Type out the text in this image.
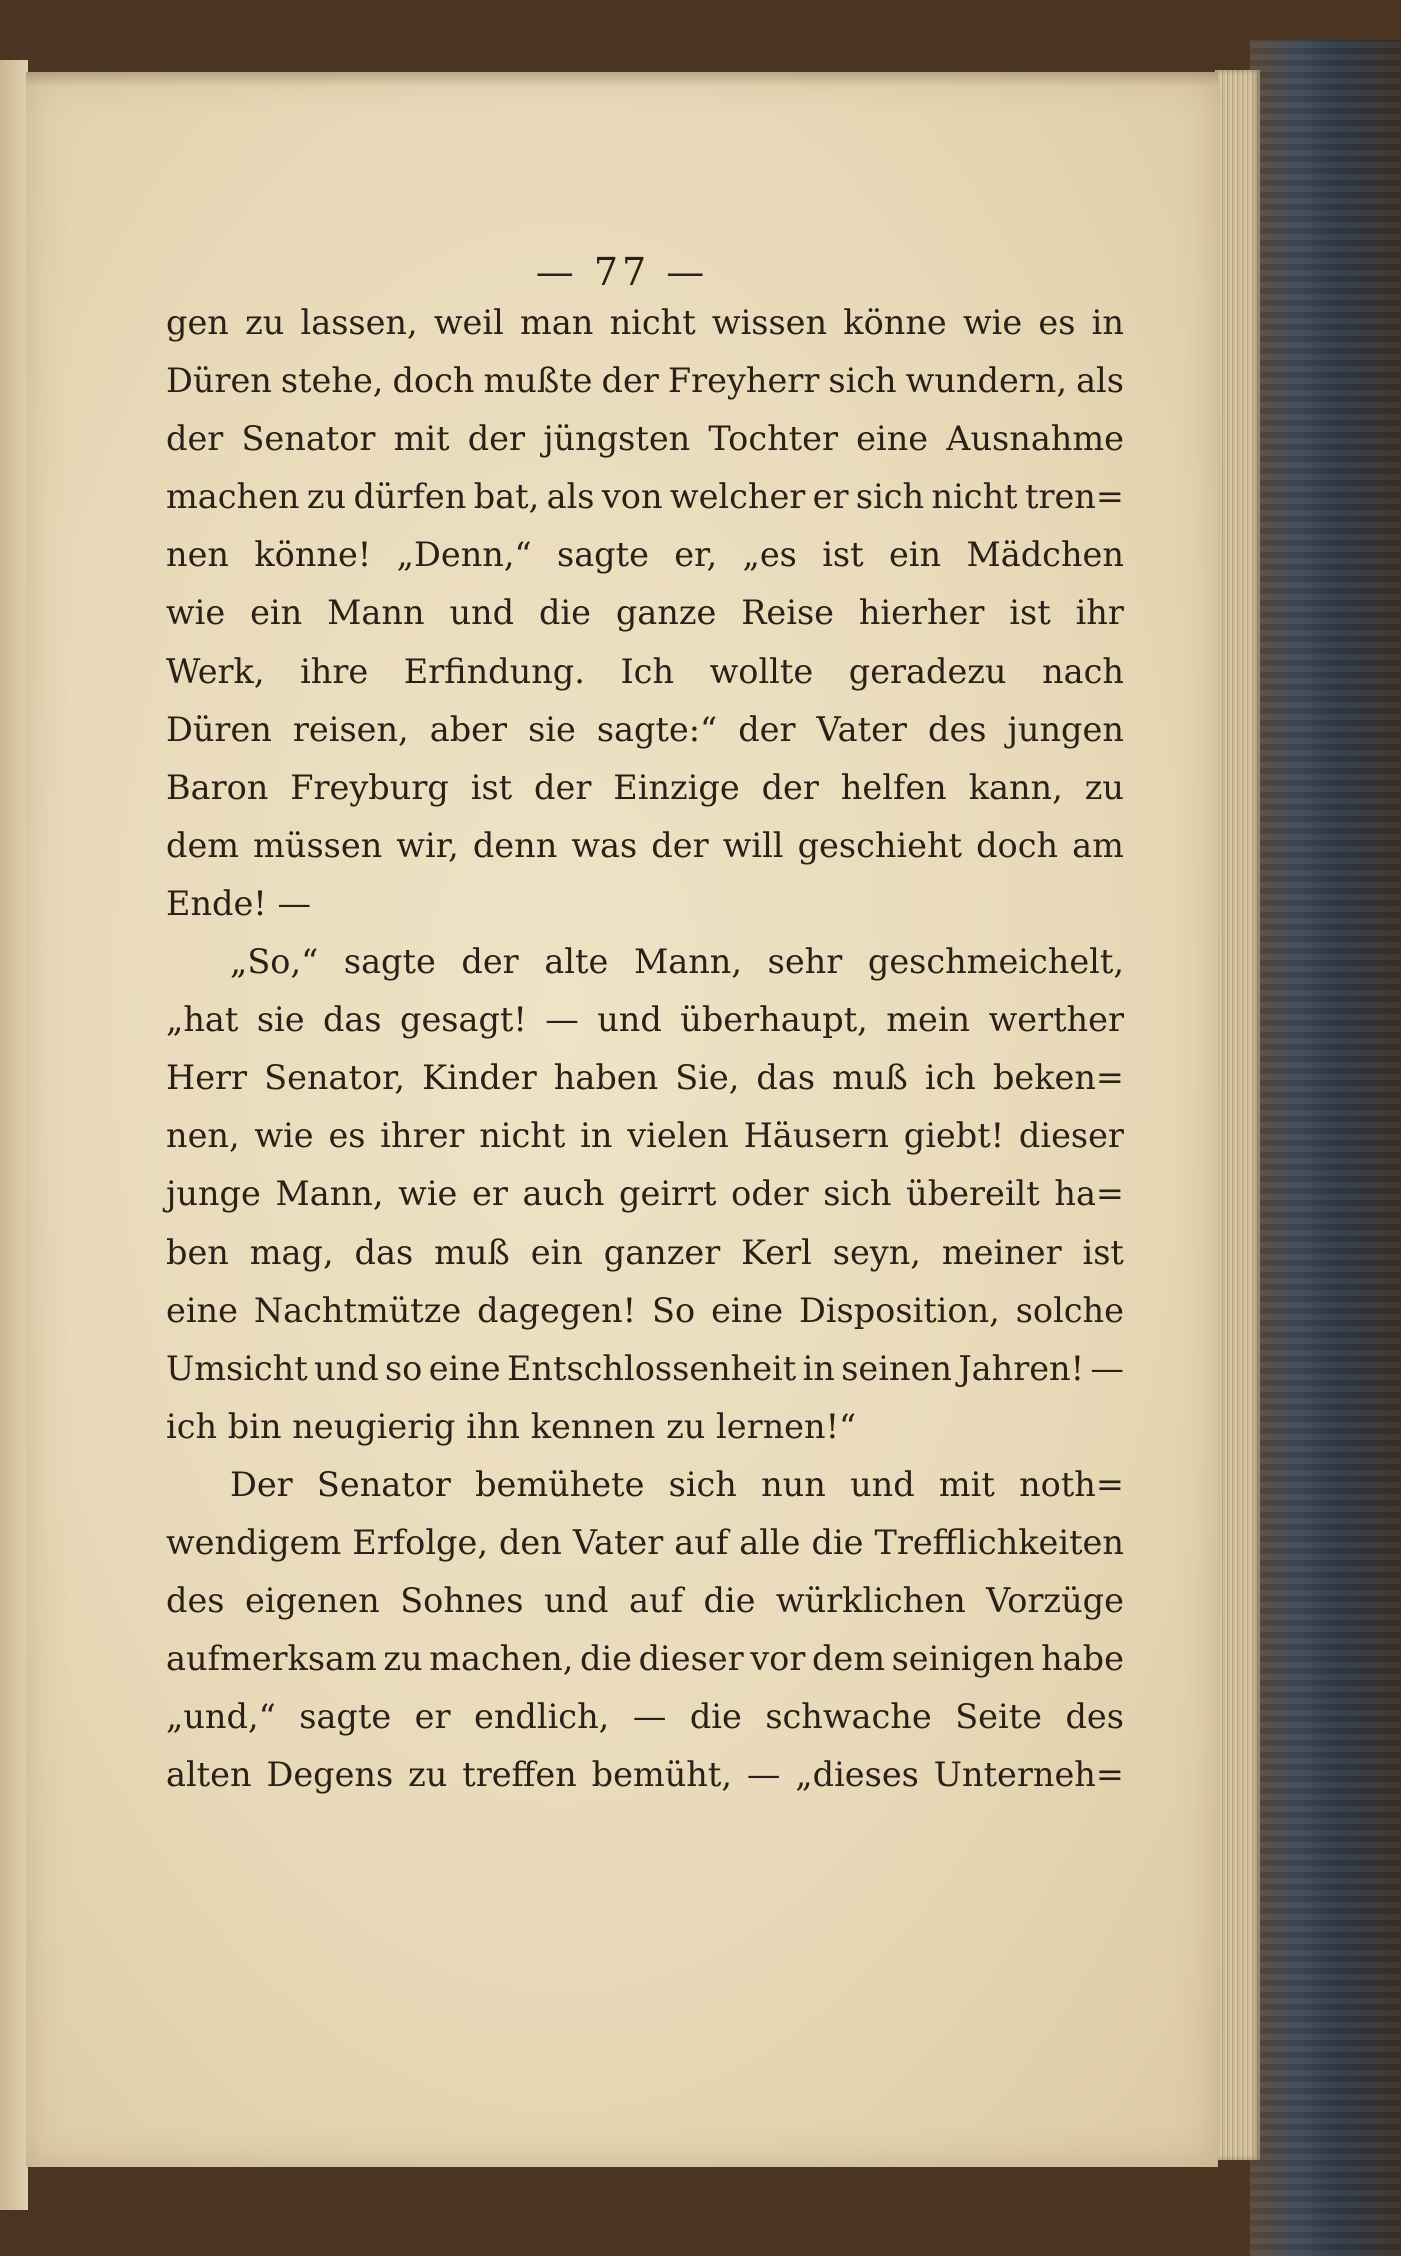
— 77 —
gen zu lassen, weil man nicht wissen könne wie es in
Düren stehe, doch mußte der Freyherr sich wundern, als
der Senator mit der jüngsten Tochter eine Ausnahme
machen zu dürfen bat, als von welcher er sich nicht tren=
nen könne! „Denn,“ sagte er, „es ist ein Mädchen
wie ein Mann und die ganze Reise hierher ist ihr
Werk, ihre Erfindung. Ich wollte geradezu nach
Düren reisen, aber sie sagte:“ der Vater des jungen
Baron Freyburg ist der Einzige der helfen kann, zu
dem müssen wir, denn was der will geschieht doch am
Ende! —
„So,“ sagte der alte Mann, sehr geschmeichelt,
„hat sie das gesagt! — und überhaupt, mein werther
Herr Senator, Kinder haben Sie, das muß ich beken=
nen, wie es ihrer nicht in vielen Häusern giebt! dieser
junge Mann, wie er auch geirrt oder sich übereilt ha=
ben mag, das muß ein ganzer Kerl seyn, meiner ist
eine Nachtmütze dagegen! So eine Disposition, solche
Umsicht und so eine Entschlossenheit in seinen Jahren! —
ich bin neugierig ihn kennen zu lernen!“
Der Senator bemühete sich nun und mit noth=
wendigem Erfolge, den Vater auf alle die Trefflichkeiten
des eigenen Sohnes und auf die würklichen Vorzüge
aufmerksam zu machen, die dieser vor dem seinigen habe
„und,“ sagte er endlich, — die schwache Seite des
alten Degens zu treffen bemüht, — „dieses Unterneh=
